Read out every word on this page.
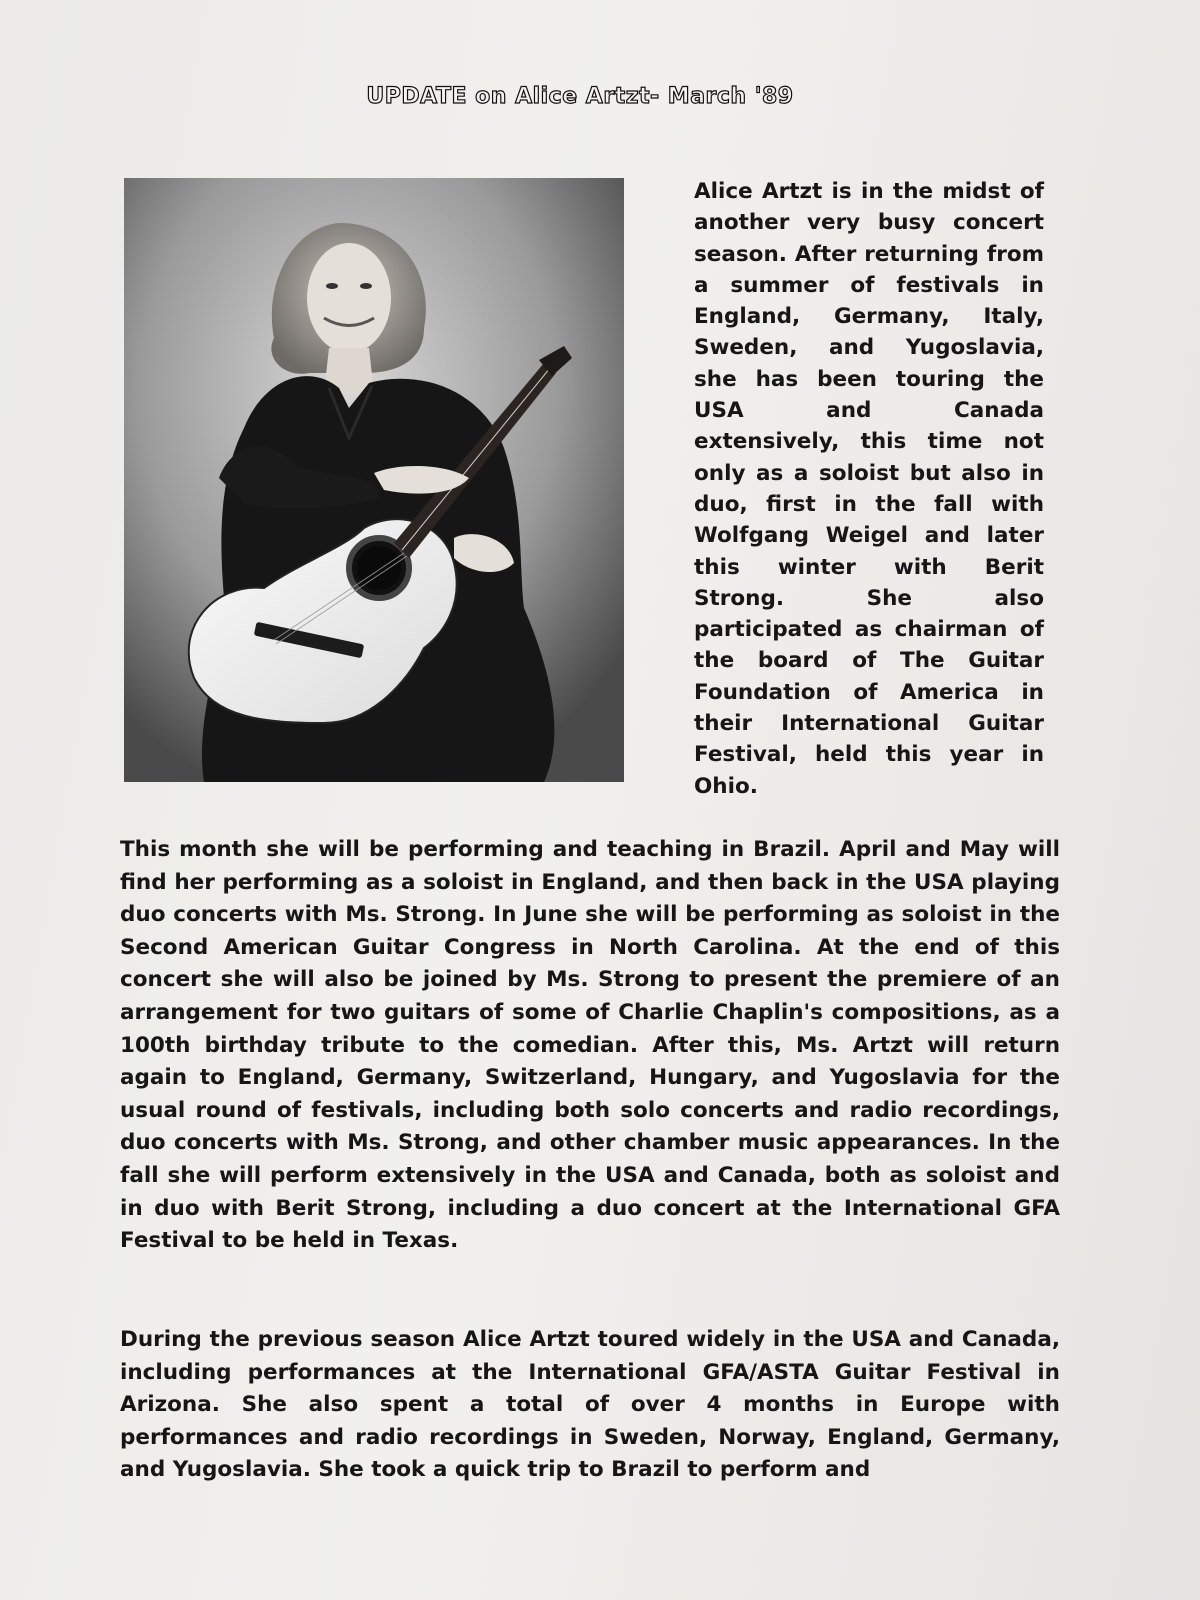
UPDATE on Alice Artzt- March '89
Alice Artzt is in the midst of another very busy concert season. After returning from a summer of festivals in England, Germany, Italy, Sweden, and Yugoslavia, she has been touring the USA and Canada extensively, this time not only as a soloist but also in duo, first in the fall with Wolfgang Weigel and later this winter with Berit Strong. She also participated as chairman of the board of The Guitar Foundation of America in their International Guitar Festival, held this year in Ohio.

This month she will be performing and teaching in Brazil. April and May will find her performing as a soloist in England, and then back in the USA playing duo concerts with Ms. Strong. In June she will be performing as soloist in the Second American Guitar Congress in North Carolina. At the end of this concert she will also be joined by Ms. Strong to present the premiere of an arrangement for two guitars of some of Charlie Chaplin's compositions, as a 100th birthday tribute to the comedian. After this, Ms. Artzt will return again to England, Germany, Switzerland, Hungary, and Yugoslavia for the usual round of festivals, including both solo concerts and radio recordings, duo concerts with Ms. Strong, and other chamber music appearances. In the fall she will perform extensively in the USA and Canada, both as soloist and in duo with Berit Strong, including a duo concert at the International GFA Festival to be held in Texas.

During the previous season Alice Artzt toured widely in the USA and Canada, including performances at the International GFA/ASTA Guitar Festival in Arizona. She also spent a total of over 4 months in Europe with performances and radio recordings in Sweden, Norway, England, Germany, and Yugoslavia. She took a quick trip to Brazil to perform and
